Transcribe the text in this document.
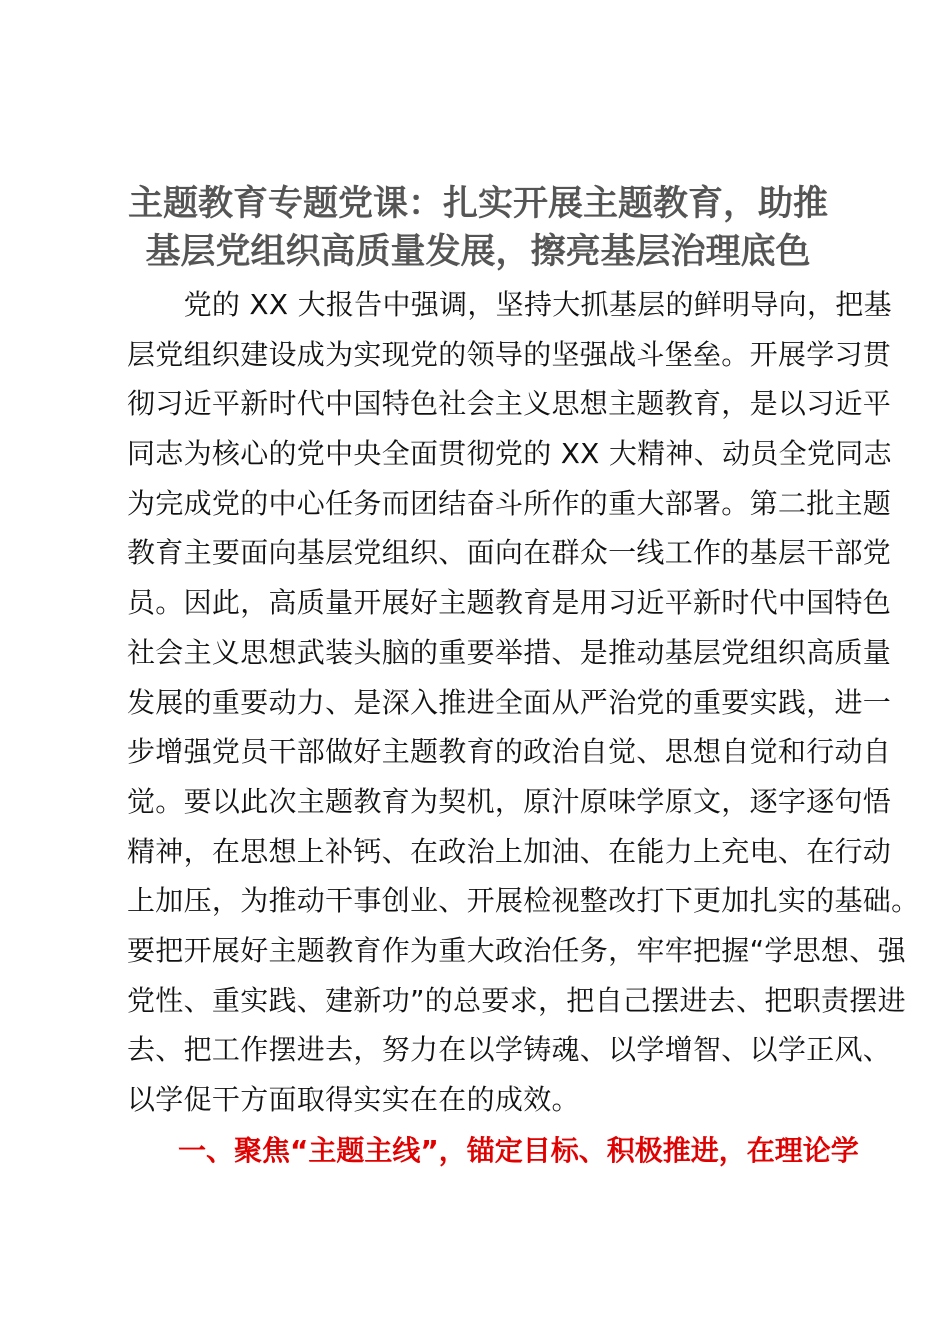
主题教育专题党课：扎实开展主题教育，助推
基层党组织高质量发展，擦亮基层治理底色
　　党的 XX 大报告中强调，坚持大抓基层的鲜明导向，把基
层党组织建设成为实现党的领导的坚强战斗堡垒。开展学习贯
彻习近平新时代中国特色社会主义思想主题教育，是以习近平
同志为核心的党中央全面贯彻党的 XX 大精神、动员全党同志
为完成党的中心任务而团结奋斗所作的重大部署。第二批主题
教育主要面向基层党组织、面向在群众一线工作的基层干部党
员。因此，高质量开展好主题教育是用习近平新时代中国特色
社会主义思想武装头脑的重要举措、是推动基层党组织高质量
发展的重要动力、是深入推进全面从严治党的重要实践，进一
步增强党员干部做好主题教育的政治自觉、思想自觉和行动自
觉。要以此次主题教育为契机，原汁原味学原文，逐字逐句悟
精神，在思想上补钙、在政治上加油、在能力上充电、在行动
上加压，为推动干事创业、开展检视整改打下更加扎实的基础。
要把开展好主题教育作为重大政治任务，牢牢把握“学思想、强
党性、重实践、建新功”的总要求，把自己摆进去、把职责摆进
去、把工作摆进去，努力在以学铸魂、以学增智、以学正风、
以学促干方面取得实实在在的成效。
一、聚焦“主题主线”，锚定目标、积极推进，在理论学
